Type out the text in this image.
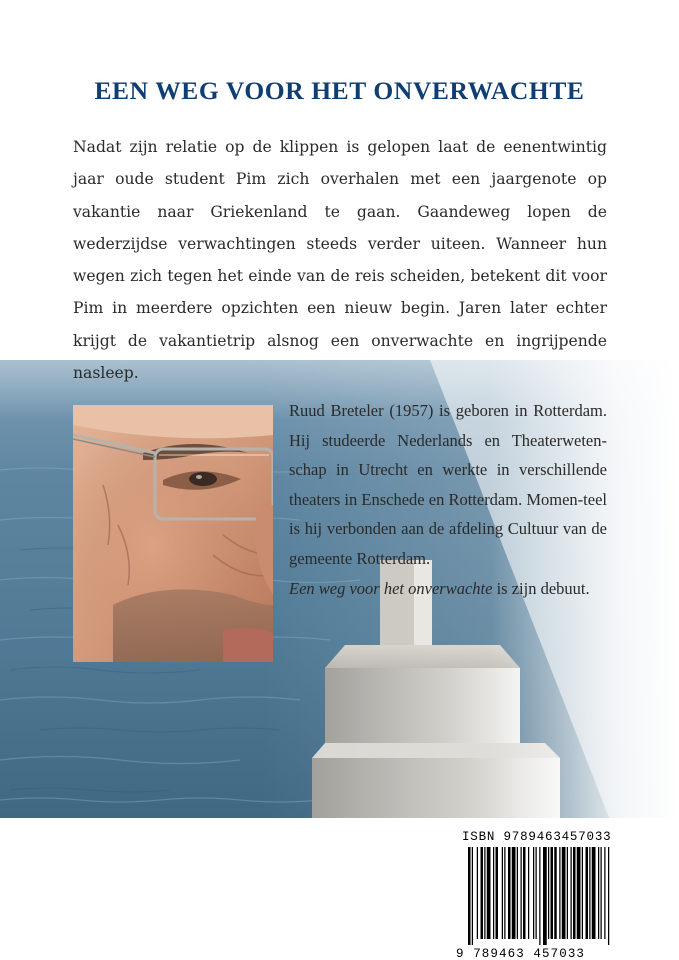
EEN WEG VOOR HET ONVERWACHTE

Nadat zijn relatie op de klippen is gelopen laat de eenentwintig jaar oude student Pim zich overhalen met een jaargenote op vakantie naar Griekenland te gaan. Gaandeweg lopen de wederzijdse verwachtingen steeds verder uiteen. Wanneer hun wegen zich tegen het einde van de reis scheiden, betekent dit voor Pim in meerdere opzichten een nieuw begin. Jaren later echter krijgt de vakantietrip alsnog een onverwachte en ingrijpende nasleep.

Ruud Breteler (1957) is geboren in Rotterdam. Hij studeerde Nederlands en Theaterweten-schap in Utrecht en werkte in verschillende theaters in Enschede en Rotterdam. Momen-teel is hij verbonden aan de afdeling Cultuur van de gemeente Rotterdam.

Een weg voor het onverwachte is zijn debuut.

ISBN 9789463457033
9 789463 457033
